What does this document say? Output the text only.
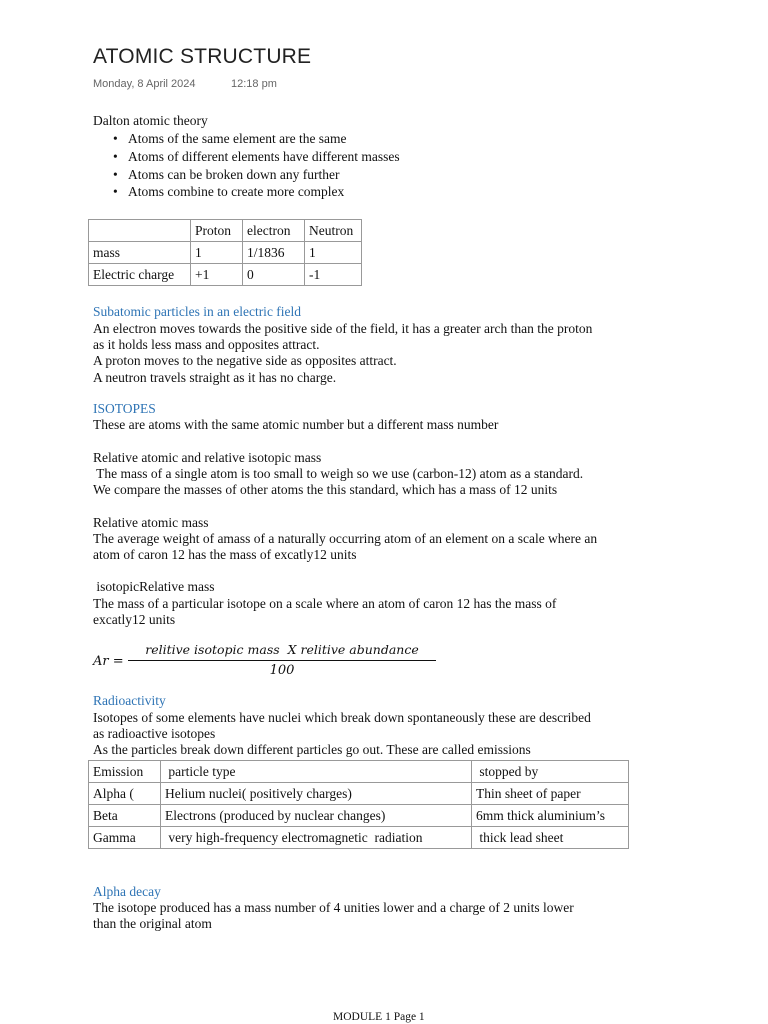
ATOMIC STRUCTURE
Monday, 8 April 2024	12:18 pm
Dalton atomic theory
• Atoms of the same element are the same
• Atoms of different elements have different masses
• Atoms can be broken down any further
• Atoms combine to create more complex
	Proton	electron	Neutron
mass	1	1/1836	1
Electric charge	+1	0	-1
Subatomic particles in an electric field
An electron moves towards the positive side of the field, it has a greater arch than the proton
as it holds less mass and opposites attract.
A proton moves to the negative side as opposites attract.
A neutron travels straight as it has no charge.
ISOTOPES
These are atoms with the same atomic number but a different mass number
Relative atomic and relative isotopic mass
The mass of a single atom is too small to weigh so we use (carbon-12) atom as a standard.
We compare the masses of other atoms the this standard, which has a mass of 12 units
Relative atomic mass
The average weight of amass of a naturally occurring atom of an element on a scale where an
atom of caron 12 has the mass of excatly12 units
isotopicRelative mass
The mass of a particular isotope on a scale where an atom of caron 12 has the mass of
excatly12 units
Ar =
relitive isotopic mass  X relitive abundance
100
Radioactivity
Isotopes of some elements have nuclei which break down spontaneously these are described
as radioactive isotopes
As the particles break down different particles go out. These are called emissions
Emission	particle type	stopped by
Alpha (	Helium nuclei( positively charges)	Thin sheet of paper
Beta	Electrons (produced by nuclear changes)	6mm thick aluminium’s
Gamma	very high-frequency electromagnetic  radiation	thick lead sheet
Alpha decay
The isotope produced has a mass number of 4 unities lower and a charge of 2 units lower
than the original atom
MODULE 1 Page 1
